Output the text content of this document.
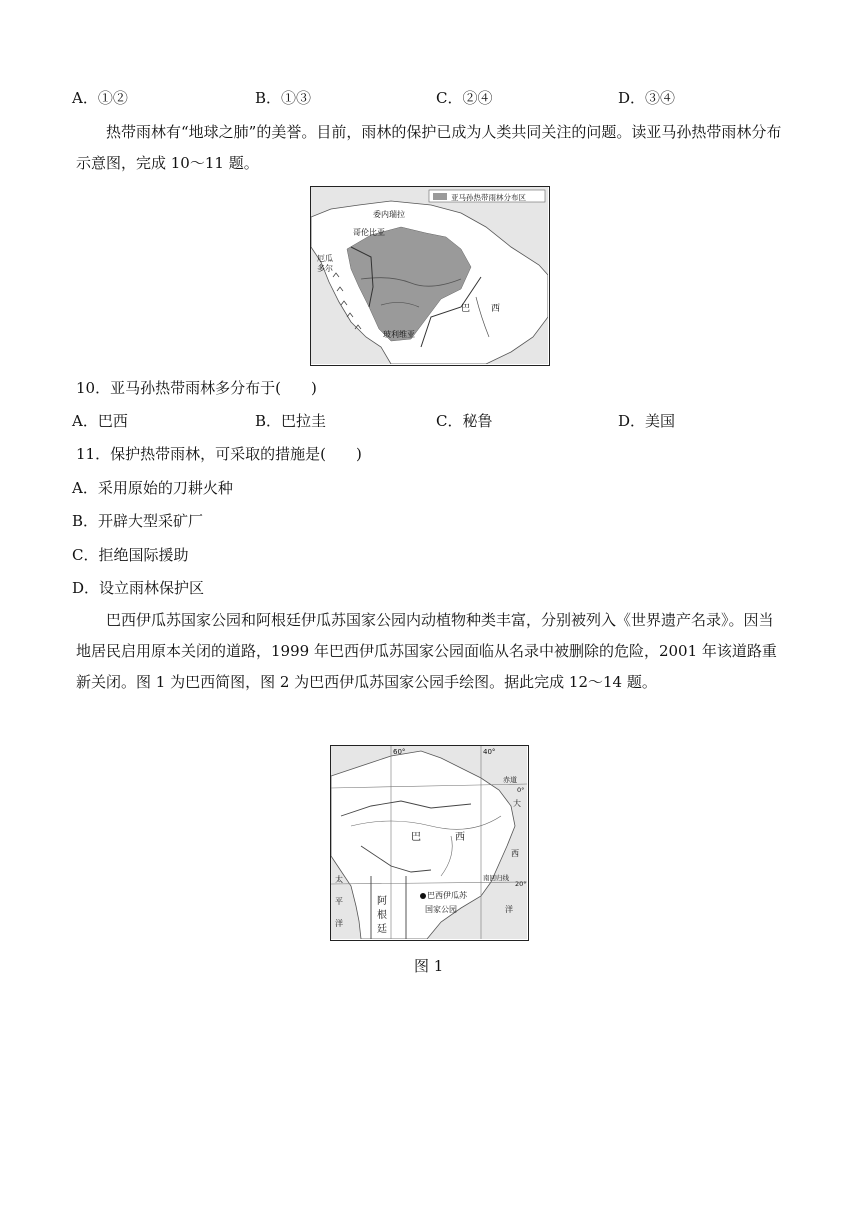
A．①②	B．①③	C．②④	D．③④
热带雨林有“地球之肺”的美誉。目前，雨林的保护已成为人类共同关注的问题。读亚马孙热带雨林分布示意图，完成 10～11 题。
亚马孙热带雨林分布区
委内瑞拉
哥伦比亚
厄瓜
多尔
巴 西
玻利维亚
10．亚马孙热带雨林多分布于(　　)
A．巴西	B．巴拉圭	C．秘鲁	D．美国
11．保护热带雨林，可采取的措施是(　　)
A．采用原始的刀耕火种
B．开辟大型采矿厂
C．拒绝国际援助
D．设立雨林保护区
巴西伊瓜苏国家公园和阿根廷伊瓜苏国家公园内动植物种类丰富，分别被列入《世界遗产名录》。因当地居民启用原本关闭的道路，1999 年巴西伊瓜苏国家公园面临从名录中被删除的危险，2001 年该道路重新关闭。图 1 为巴西简图，图 2 为巴西伊瓜苏国家公园手绘图。据此完成 12～14 题。
60°	40°
赤道
0°
大
西
洋
南回归线
20°
太
平
洋
巴	西
阿
根
廷
巴西伊瓜苏
国家公园
图 1
